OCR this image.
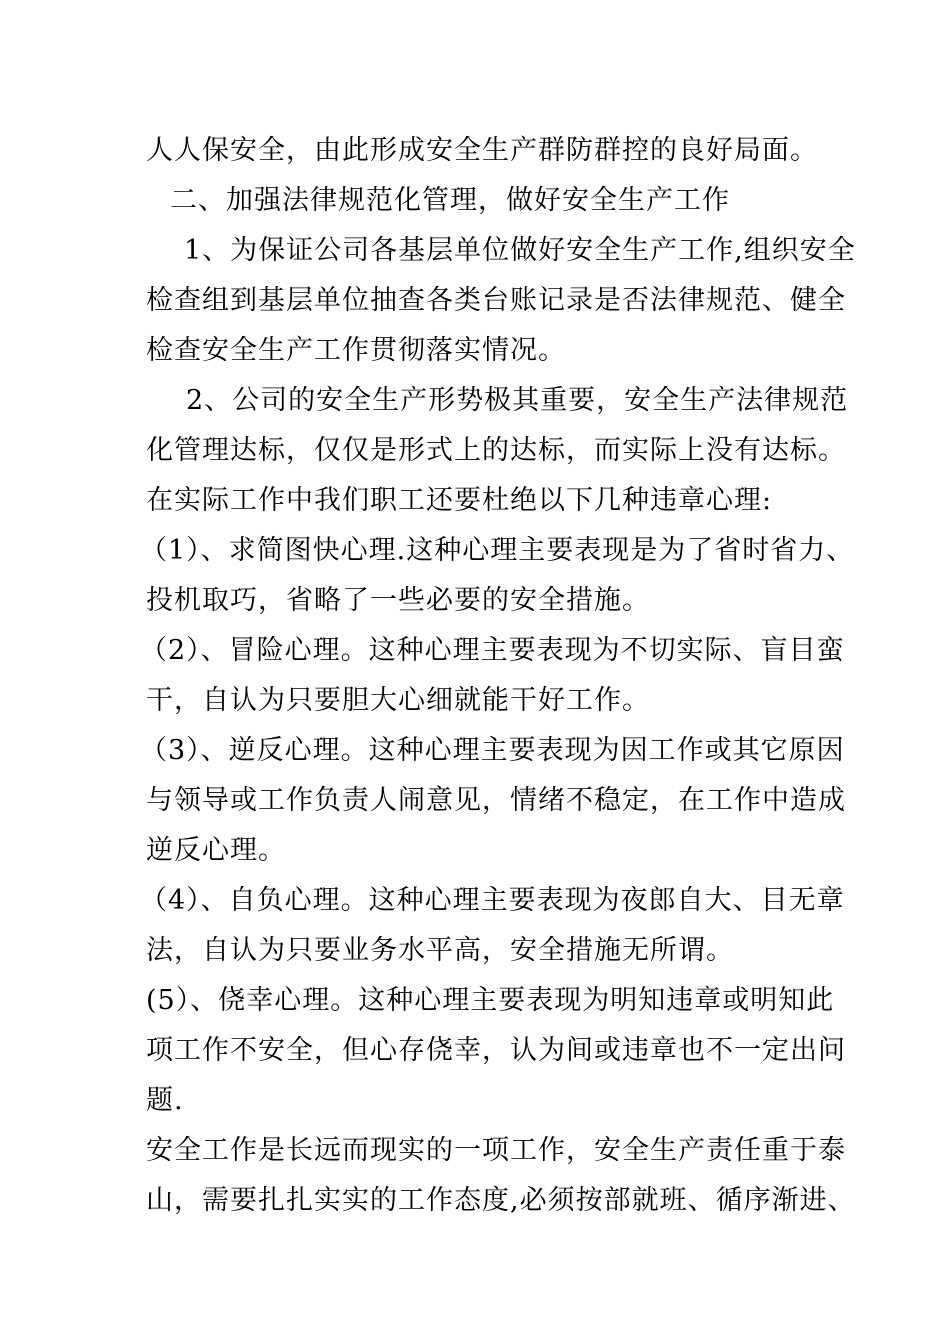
人人保安全，由此形成安全生产群防群控的良好局面。
二、加强法律规范化管理，做好安全生产工作
1、为保证公司各基层单位做好安全生产工作,组织安全
检查组到基层单位抽查各类台账记录是否法律规范、健全
检查安全生产工作贯彻落实情况。
2、公司的安全生产形势极其重要，安全生产法律规范
化管理达标，仅仅是形式上的达标，而实际上没有达标。
在实际工作中我们职工还要杜绝以下几种违章心理:
（1）、求简图快心理.这种心理主要表现是为了省时省力、
投机取巧，省略了一些必要的安全措施。
（2）、冒险心理。这种心理主要表现为不切实际、盲目蛮
干，自认为只要胆大心细就能干好工作。
（3）、逆反心理。这种心理主要表现为因工作或其它原因
与领导或工作负责人闹意见，情绪不稳定，在工作中造成
逆反心理。
（4）、自负心理。这种心理主要表现为夜郎自大、目无章
法，自认为只要业务水平高，安全措施无所谓。
(5）、侥幸心理。这种心理主要表现为明知违章或明知此
项工作不安全，但心存侥幸，认为间或违章也不一定出问
题.
安全工作是长远而现实的一项工作，安全生产责任重于泰
山，需要扎扎实实的工作态度,必须按部就班、循序渐进、
